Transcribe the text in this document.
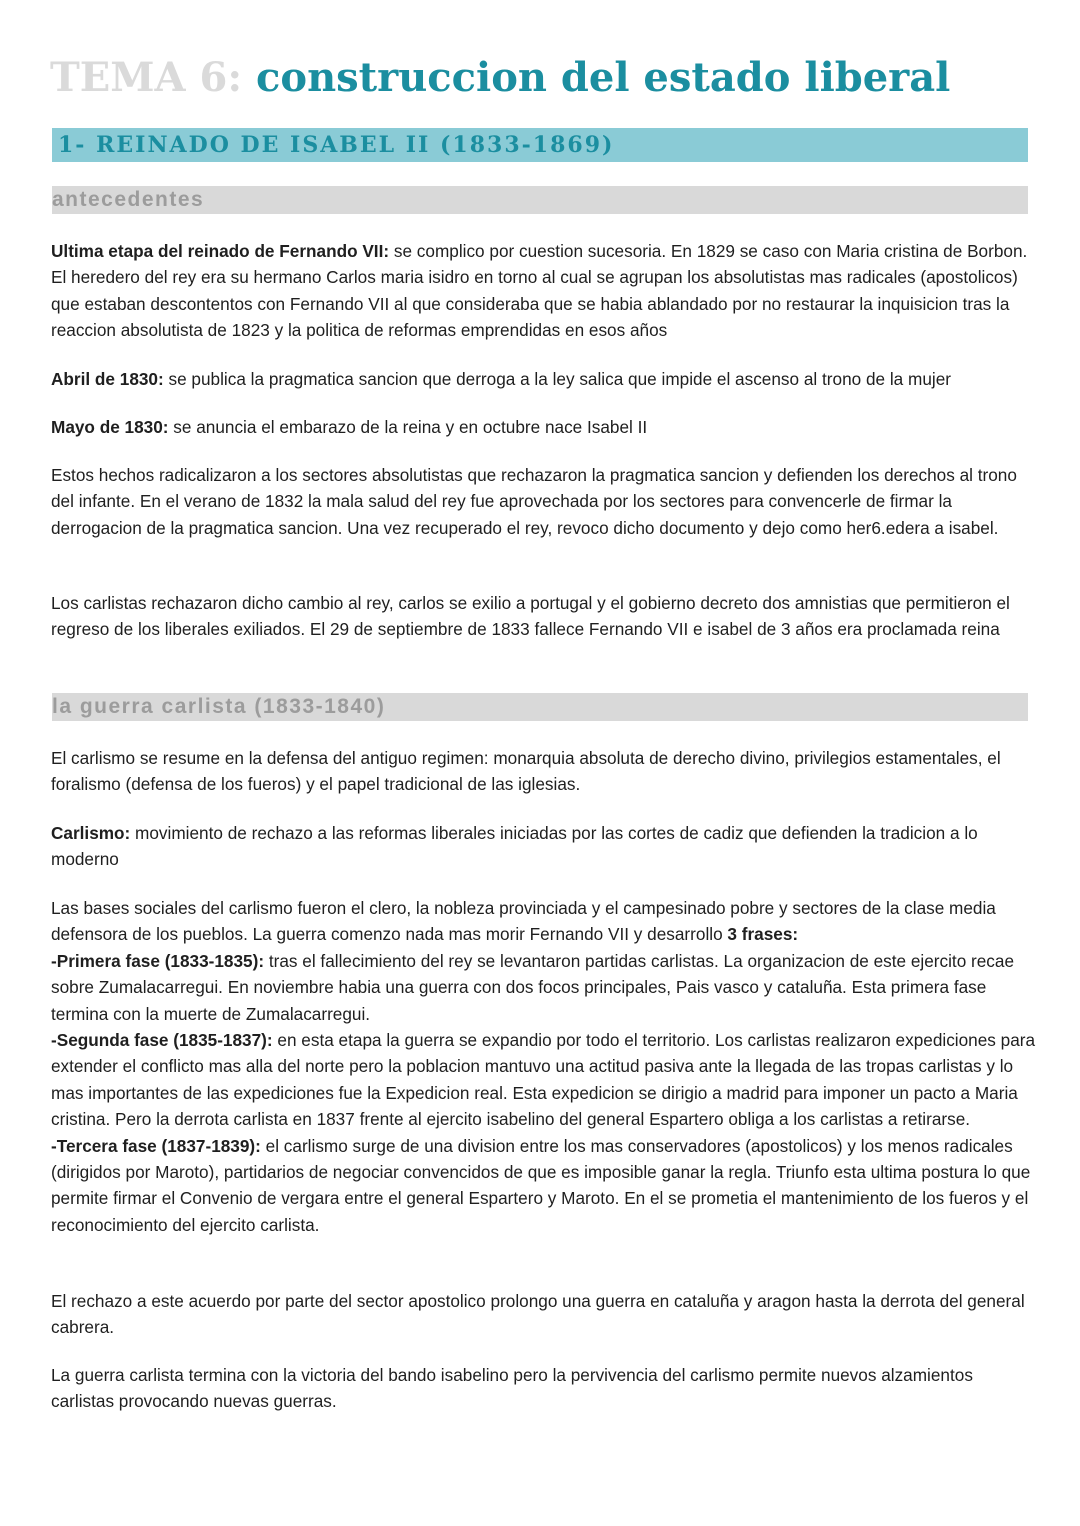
TEMA 6: construccion del estado liberal
1- REINADO DE ISABEL II (1833-1869)
antecedentes

Ultima etapa del reinado de Fernando VII: se complico por cuestion sucesoria. En 1829 se caso con Maria cristina de Borbon. El heredero del rey era su hermano Carlos maria isidro en torno al cual se agrupan los absolutistas mas radicales (apostolicos) que estaban descontentos con Fernando VII al que consideraba que se habia ablandado por no restaurar la inquisicion tras la reaccion absolutista de 1823 y la politica de reformas emprendidas en esos años

Abril de 1830: se publica la pragmatica sancion que derroga a la ley salica que impide el ascenso al trono de la mujer

Mayo de 1830: se anuncia el embarazo de la reina y en octubre nace Isabel II

Estos hechos radicalizaron a los sectores absolutistas que rechazaron la pragmatica sancion y defienden los derechos al trono del infante. En el verano de 1832 la mala salud del rey fue aprovechada por los sectores para convencerle de firmar la derrogacion de la pragmatica sancion. Una vez recuperado el rey, revoco dicho documento y dejo como her6.edera a isabel.

Los carlistas rechazaron dicho cambio al rey, carlos se exilio a portugal y el gobierno decreto dos amnistias que permitieron el regreso de los liberales exiliados. El 29 de septiembre de 1833 fallece Fernando VII e isabel de 3 años era proclamada reina

la guerra carlista (1833-1840)

El carlismo se resume en la defensa del antiguo regimen: monarquia absoluta de derecho divino, privilegios estamentales, el foralismo (defensa de los fueros) y el papel tradicional de las iglesias.

Carlismo: movimiento de rechazo a las reformas liberales iniciadas por las cortes de cadiz que defienden la tradicion a lo moderno

Las bases sociales del carlismo fueron el clero, la nobleza provinciada y el campesinado pobre y sectores de la clase media defensora de los pueblos. La guerra comenzo nada mas morir Fernando VII y desarrollo 3 frases:
-Primera fase (1833-1835): tras el fallecimiento del rey se levantaron partidas carlistas. La organizacion de este ejercito recae sobre Zumalacarregui. En noviembre habia una guerra con dos focos principales, Pais vasco y cataluña. Esta primera fase termina con la muerte de Zumalacarregui.
-Segunda fase (1835-1837): en esta etapa la guerra se expandio por todo el territorio. Los carlistas realizaron expediciones para extender el conflicto mas alla del norte pero la poblacion mantuvo una actitud pasiva ante la llegada de las tropas carlistas y lo mas importantes de las expediciones fue la Expedicion real. Esta expedicion se dirigio a madrid para imponer un pacto a Maria cristina. Pero la derrota carlista en 1837 frente al ejercito isabelino del general Espartero obliga a los carlistas a retirarse.
-Tercera fase (1837-1839): el carlismo surge de una division entre los mas conservadores (apostolicos) y los menos radicales (dirigidos por Maroto), partidarios de negociar convencidos de que es imposible ganar la regla. Triunfo esta ultima postura lo que permite firmar el Convenio de vergara entre el general Espartero y Maroto. En el se prometia el mantenimiento de los fueros y el reconocimiento del ejercito carlista.

El rechazo a este acuerdo por parte del sector apostolico prolongo una guerra en cataluña y aragon hasta la derrota del general cabrera.

La guerra carlista termina con la victoria del bando isabelino pero la pervivencia del carlismo permite nuevos alzamientos carlistas provocando nuevas guerras.
